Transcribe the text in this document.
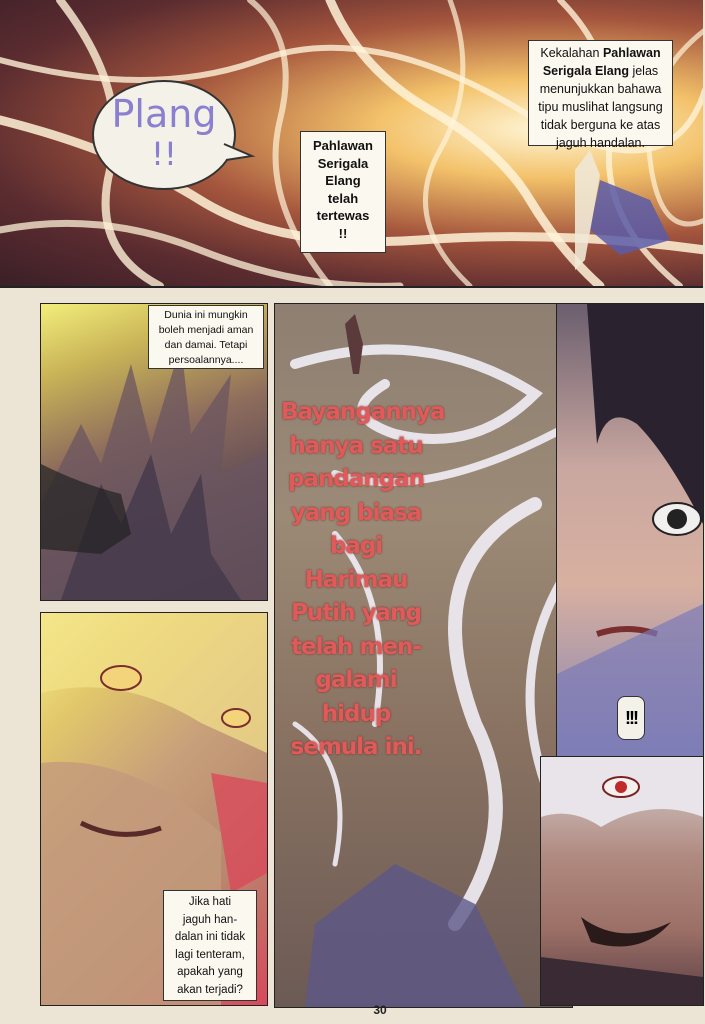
Plang
!!	Pahlawan
Serigala
Elang
telah
tertewas
!!
Kekalahan Pahlawan Serigala Elang jelas menunjukkan bahawa tipu muslihat langsung tidak berguna ke atas jaguh handalan.
Dunia ini mungkin
boleh menjadi aman
dan damai. Tetapi
persoalannya....
Bayangannya
hanya satu
pandangan
yang biasa
bagi Harimau
Putih yang
telah men-
galami hidup
semula ini.
!!!
Jika hati
jaguh han-
dalan ini tidak
lagi tenteram,
apakah yang
akan terjadi?
30
